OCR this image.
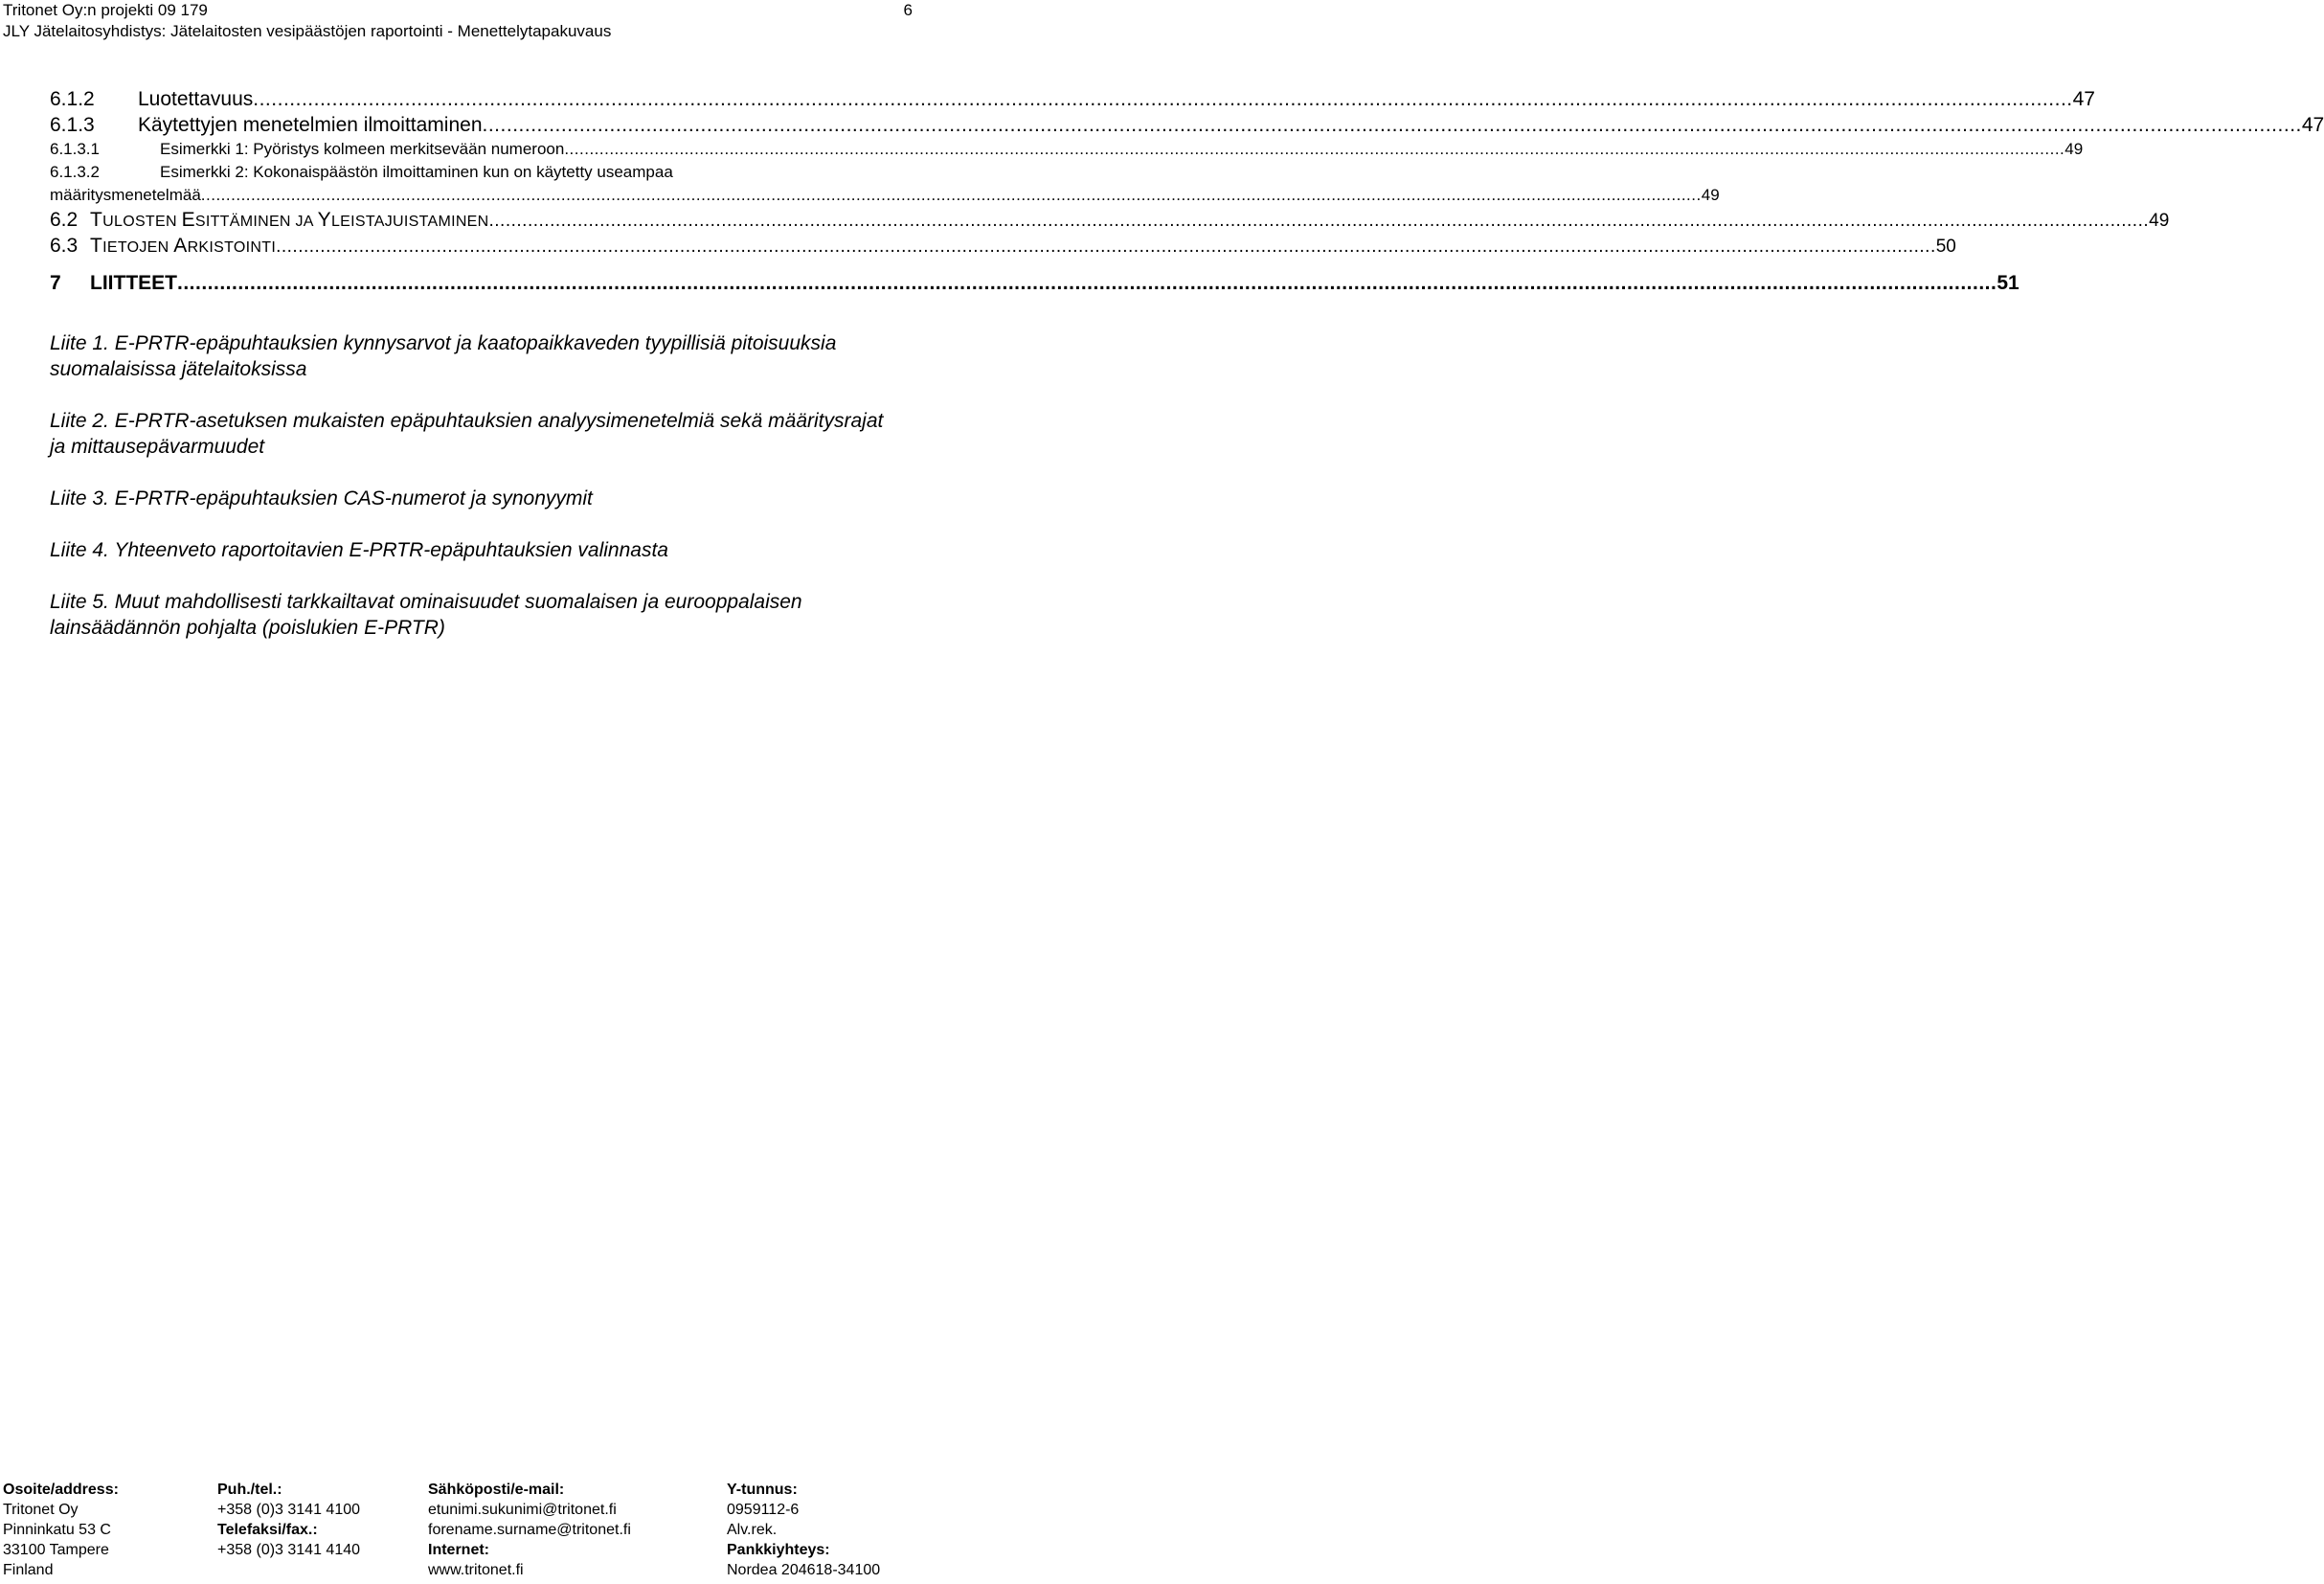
Tritonet Oy:n projekti 09 179
JLY Jätelaitosyhdistys: Jätelaitosten vesipäästöjen raportointi - Menettelytapakuvaus
6
6.1.2	Luotettavuus ............................................................................................................................................................................................................................................................................................................ 47
6.1.3	Käytettyjen menetelmien ilmoittaminen ............................................................................................................................................................................................................................................................................................................ 47
6.1.3.1	Esimerkki 1: Pyöristys kolmeen merkitsevään numeroon ............................................................................................................................................................................................................................................................................................................ 49
6.1.3.2	Esimerkki 2: Kokonaispäästön ilmoittaminen kun on käytetty useampaa
määritysmenetelmää ............................................................................................................................................................................................................................................................................................................ 49
6.2 TULOSTEN ESITTÄMINEN JA YLEISTAJUISTAMINEN ............................................................................................................................................................................................................................................................................................................ 49
6.3 TIETOJEN ARKISTOINTI ............................................................................................................................................................................................................................................................................................................ 50
7	LIITTEET ............................................................................................................................................................................................................................................................................................................ 51
Liite 1. E-PRTR-epäpuhtauksien kynnysarvot ja kaatopaikkaveden tyypillisiä pitoisuuksia suomalaisissa jätelaitoksissa
Liite 2. E-PRTR-asetuksen mukaisten epäpuhtauksien analyysimenetelmiä sekä määritysrajat ja mittausepävarmuudet
Liite 3. E-PRTR-epäpuhtauksien CAS-numerot ja synonyymit
Liite 4. Yhteenveto raportoitavien E-PRTR-epäpuhtauksien valinnasta
Liite 5. Muut mahdollisesti tarkkailtavat ominaisuudet suomalaisen ja eurooppalaisen lainsäädännön pohjalta (poislukien E-PRTR)
Osoite/address:
Tritonet Oy
Pinninkatu 53 C
33100 Tampere
Finland
Puh./tel.:
+358 (0)3 3141 4100
Telefaksi/fax.:
+358 (0)3 3141 4140
Sähköposti/e-mail:
etunimi.sukunimi@tritonet.fi
forename.surname@tritonet.fi
Internet:
www.tritonet.fi
Y-tunnus:
0959112-6
Alv.rek.
Pankkiyhteys:
Nordea 204618-34100
